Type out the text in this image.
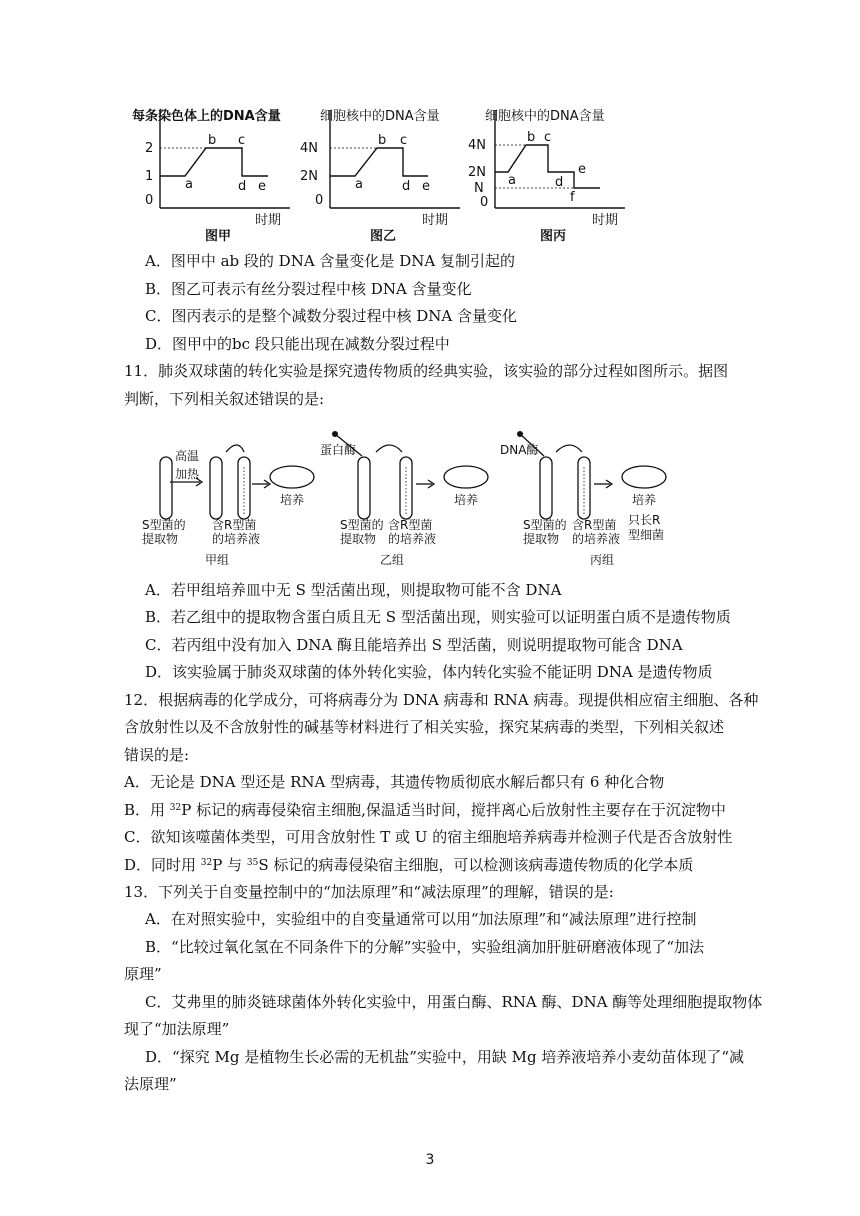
每条染色体上的DNA含量
2
1
0
a
b c
d e
时期
图甲
细胞核中的DNA含量
4N
2N
0
a
b c
d e
时期
图乙
细胞核中的DNA含量
4N
2N
N
0
a
b c
d
e
f
时期
图丙
A．图甲中 ab 段的 DNA 含量变化是 DNA 复制引起的
B．图乙可表示有丝分裂过程中核 DNA 含量变化
C．图丙表示的是整个减数分裂过程中核 DNA 含量变化
D．图甲中的bc 段只能出现在减数分裂过程中
11．肺炎双球菌的转化实验是探究遗传物质的经典实验，该实验的部分过程如图所示。据图
判断，下列相关叙述错误的是:
高温
加热
蛋白酶	DNA酶
培养	培养	培养
只长R
型细菌
S型菌的
提取物
含R型菌
的培养液
S型菌的
提取物
含R型菌
的培养液
S型菌的
提取物
含R型菌
的培养液
甲组	乙组	丙组
A．若甲组培养皿中无 S 型活菌出现，则提取物可能不含 DNA
B．若乙组中的提取物含蛋白质且无 S 型活菌出现，则实验可以证明蛋白质不是遗传物质
C．若丙组中没有加入 DNA 酶且能培养出 S 型活菌，则说明提取物可能含 DNA
D．该实验属于肺炎双球菌的体外转化实验，体内转化实验不能证明 DNA 是遗传物质
12．根据病毒的化学成分，可将病毒分为 DNA 病毒和 RNA 病毒。现提供相应宿主细胞、各种
含放射性以及不含放射性的碱基等材料进行了相关实验，探究某病毒的类型，下列相关叙述
错误的是:
A．无论是 DNA 型还是 RNA 型病毒，其遗传物质彻底水解后都只有 6 种化合物
B．用 $^{32}$P 标记的病毒侵染宿主细胞,保温适当时间，搅拌离心后放射性主要存在于沉淀物中
C．欲知该噬菌体类型，可用含放射性 T 或 U 的宿主细胞培养病毒并检测子代是否含放射性
D．同时用 $^{32}$P 与 $^{35}$S 标记的病毒侵染宿主细胞，可以检测该病毒遗传物质的化学本质
13．下列关于自变量控制中的“加法原理”和“减法原理”的理解，错误的是:
A．在对照实验中，实验组中的自变量通常可以用“加法原理”和“减法原理”进行控制
B．“比较过氧化氢在不同条件下的分解”实验中，实验组滴加肝脏研磨液体现了“加法
原理”
C．艾弗里的肺炎链球菌体外转化实验中，用蛋白酶、RNA 酶、DNA 酶等处理细胞提取物体
现了“加法原理”
D．“探究 Mg 是植物生长必需的无机盐”实验中，用缺 Mg 培养液培养小麦幼苗体现了“减
法原理”
3
